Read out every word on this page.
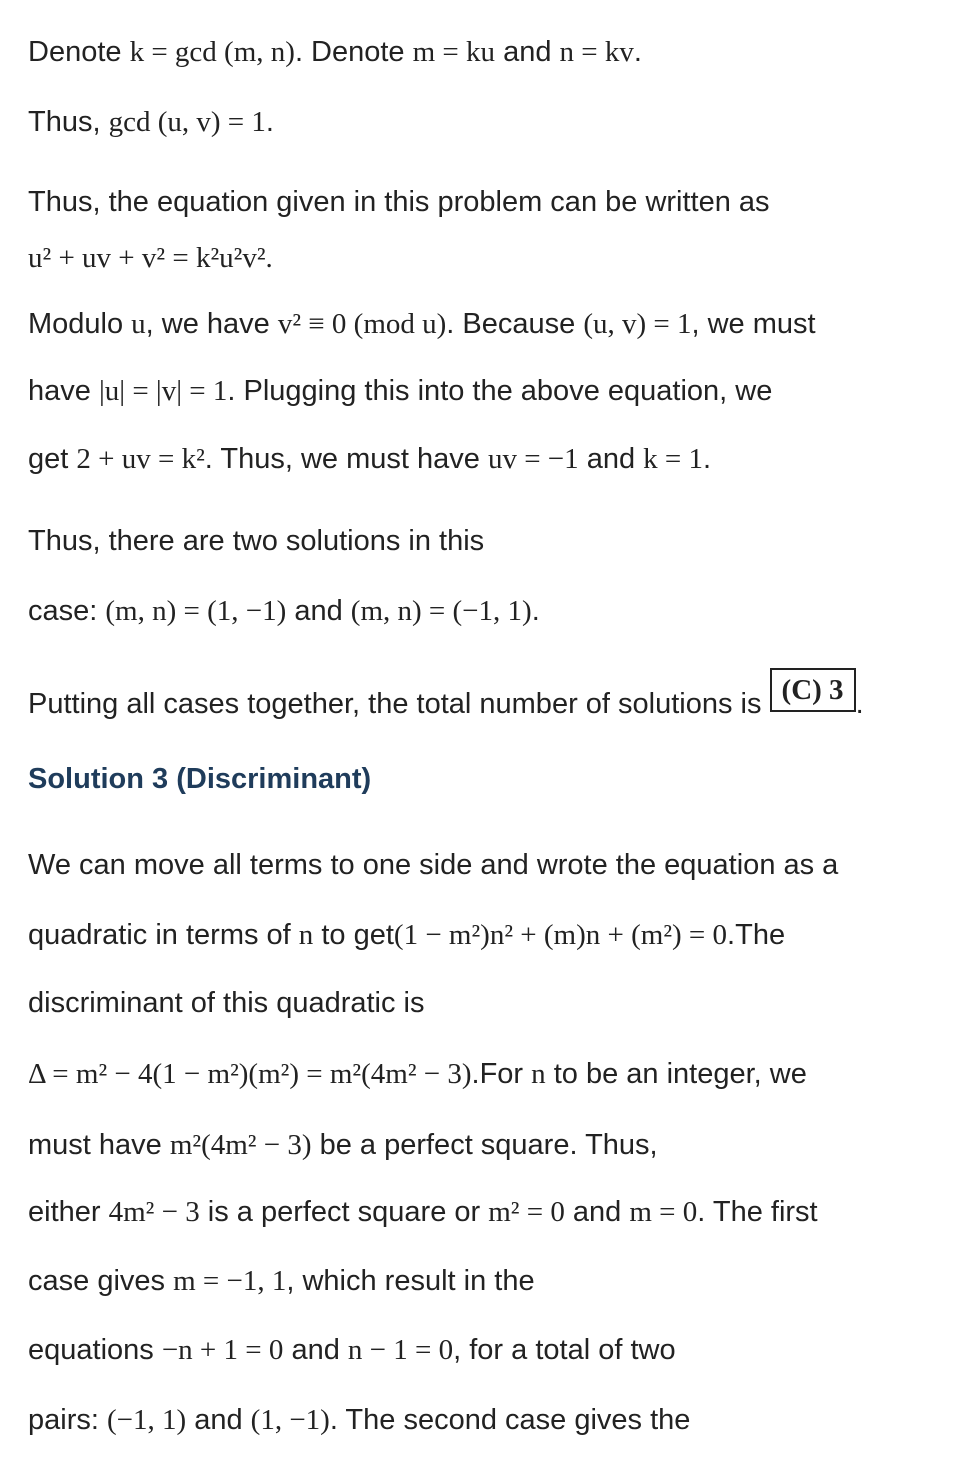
Denote k = gcd (m, n). Denote m = ku and n = kv.
Thus, gcd (u, v) = 1.
Thus, the equation given in this problem can be written as
u² + uv + v² = k²u²v².
Modulo u, we have v² ≡ 0 (mod u). Because (u, v) = 1, we must
have |u| = |v| = 1. Plugging this into the above equation, we
get 2 + uv = k². Thus, we must have uv = −1 and k = 1.
Thus, there are two solutions in this
case: (m, n) = (1, −1) and (m, n) = (−1, 1).
Putting all cases together, the total number of solutions is (C) 3 .
Solution 3 (Discriminant)
We can move all terms to one side and wrote the equation as a
quadratic in terms of n to get(1 − m²)n² + (m)n + (m²) = 0.The
discriminant of this quadratic is
Δ = m² − 4(1 − m²)(m²) = m²(4m² − 3).For n to be an integer, we
must have m²(4m² − 3) be a perfect square. Thus,
either 4m² − 3 is a perfect square or m² = 0 and m = 0. The first
case gives m = −1, 1, which result in the
equations −n + 1 = 0 and n − 1 = 0, for a total of two
pairs: (−1, 1) and (1, −1). The second case gives the
